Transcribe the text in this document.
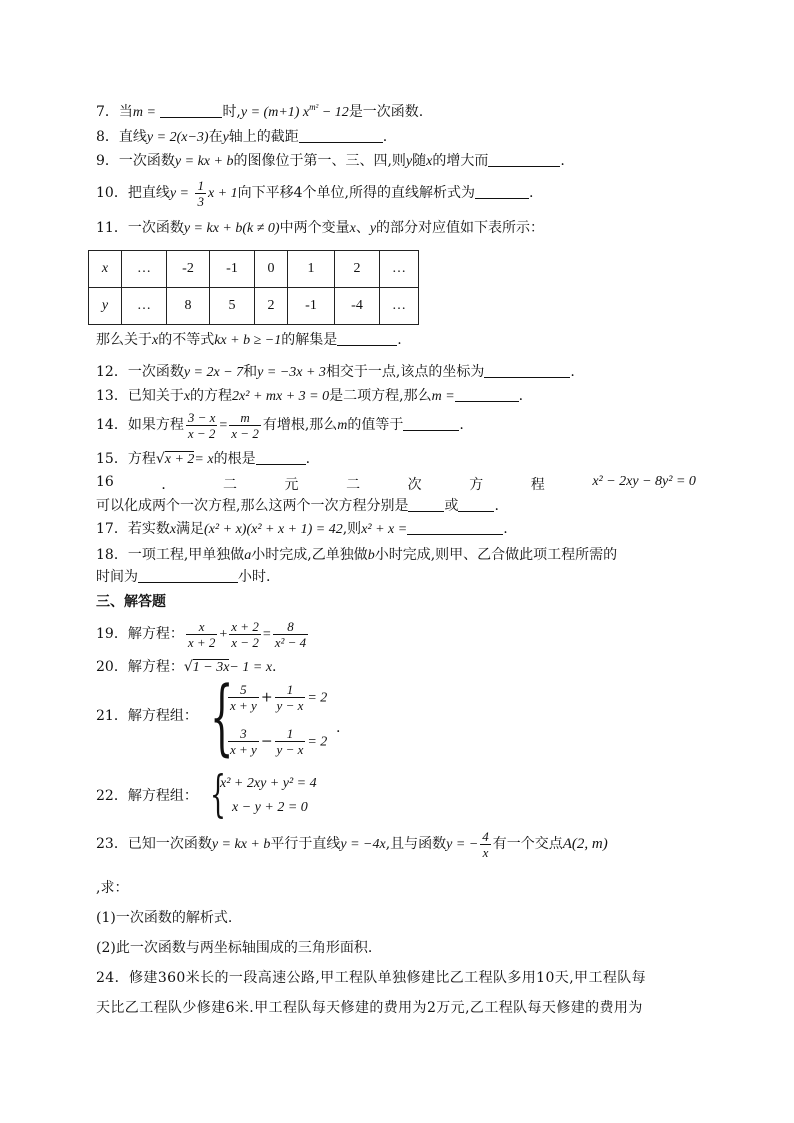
7．当m =	时,y = (m+1) $x^{m^2} - 12$是一次函数.
8．直线y = 2(x−3)在y轴上的截距	.
9．一次函数y = kx + b的图像位于第一、三、四,则y随x的增大而	.
10．把直线$y = \frac{1}{3}$ x + 1向下平移4个单位,所得的直线解析式为	.
11．一次函数y = kx + b(k ≠ 0)中两个变量x、y的部分对应值如下表所示：
x	…	-2	-1	0	1	2	…
y	…	8	5	2	-1	-4	…
那么关于x的不等式kx + b ≥ −1的解集是	.
12．一次函数y = 2x − 7和y = −3x + 3相交于一点,该点的坐标为	.
13．已知关于x的方程2x² + mx + 3 = 0是二项方程,那么m =	.
14．如果方程 $\frac{3 - x}{x - 2} = \frac{m}{x - 2}$ 有增根,那么m的值等于	.
15．方程√x + 2= x的根是	.
16	．	二	元	二	次	方	程	x² − 2xy − 8y² = 0
可以化成两个一次方程,那么这两个一次方程分别是	或	.
17．若实数x满足(x² + x)(x² + x + 1) = 42,则x² + x =	.
18．一项工程,甲单独做a小时完成,乙单独做b小时完成,则甲、乙合做此项工程所需的
时间为	小时.
三、解答题
19．解方程： $\frac{x}{x + 2} + \frac{x + 2}{x - 2} = \frac{8}{\text{x² − 4}}$
20．解方程：√1 − 3x− 1 = x.
21．解方程组： {
$\frac{5}{x + y} + \frac{1}{y - x} = 2$
$\frac{3}{x + y} - \frac{1}{y - x} = 2$
.
22．解方程组： {
x² + 2xy + y² = 4
x − y + 2 = 0
23．已知一次函数y = kx + b平行于直线y = −4x,且与函数y = − $\frac{4}{x}$ 有一个交点A(2, m)
,求：
(1)一次函数的解析式.
(2)此一次函数与两坐标轴围成的三角形面积.
24．修建360米长的一段高速公路,甲工程队单独修建比乙工程队多用10天,甲工程队每
天比乙工程队少修建6米.甲工程队每天修建的费用为2万元,乙工程队每天修建的费用为
